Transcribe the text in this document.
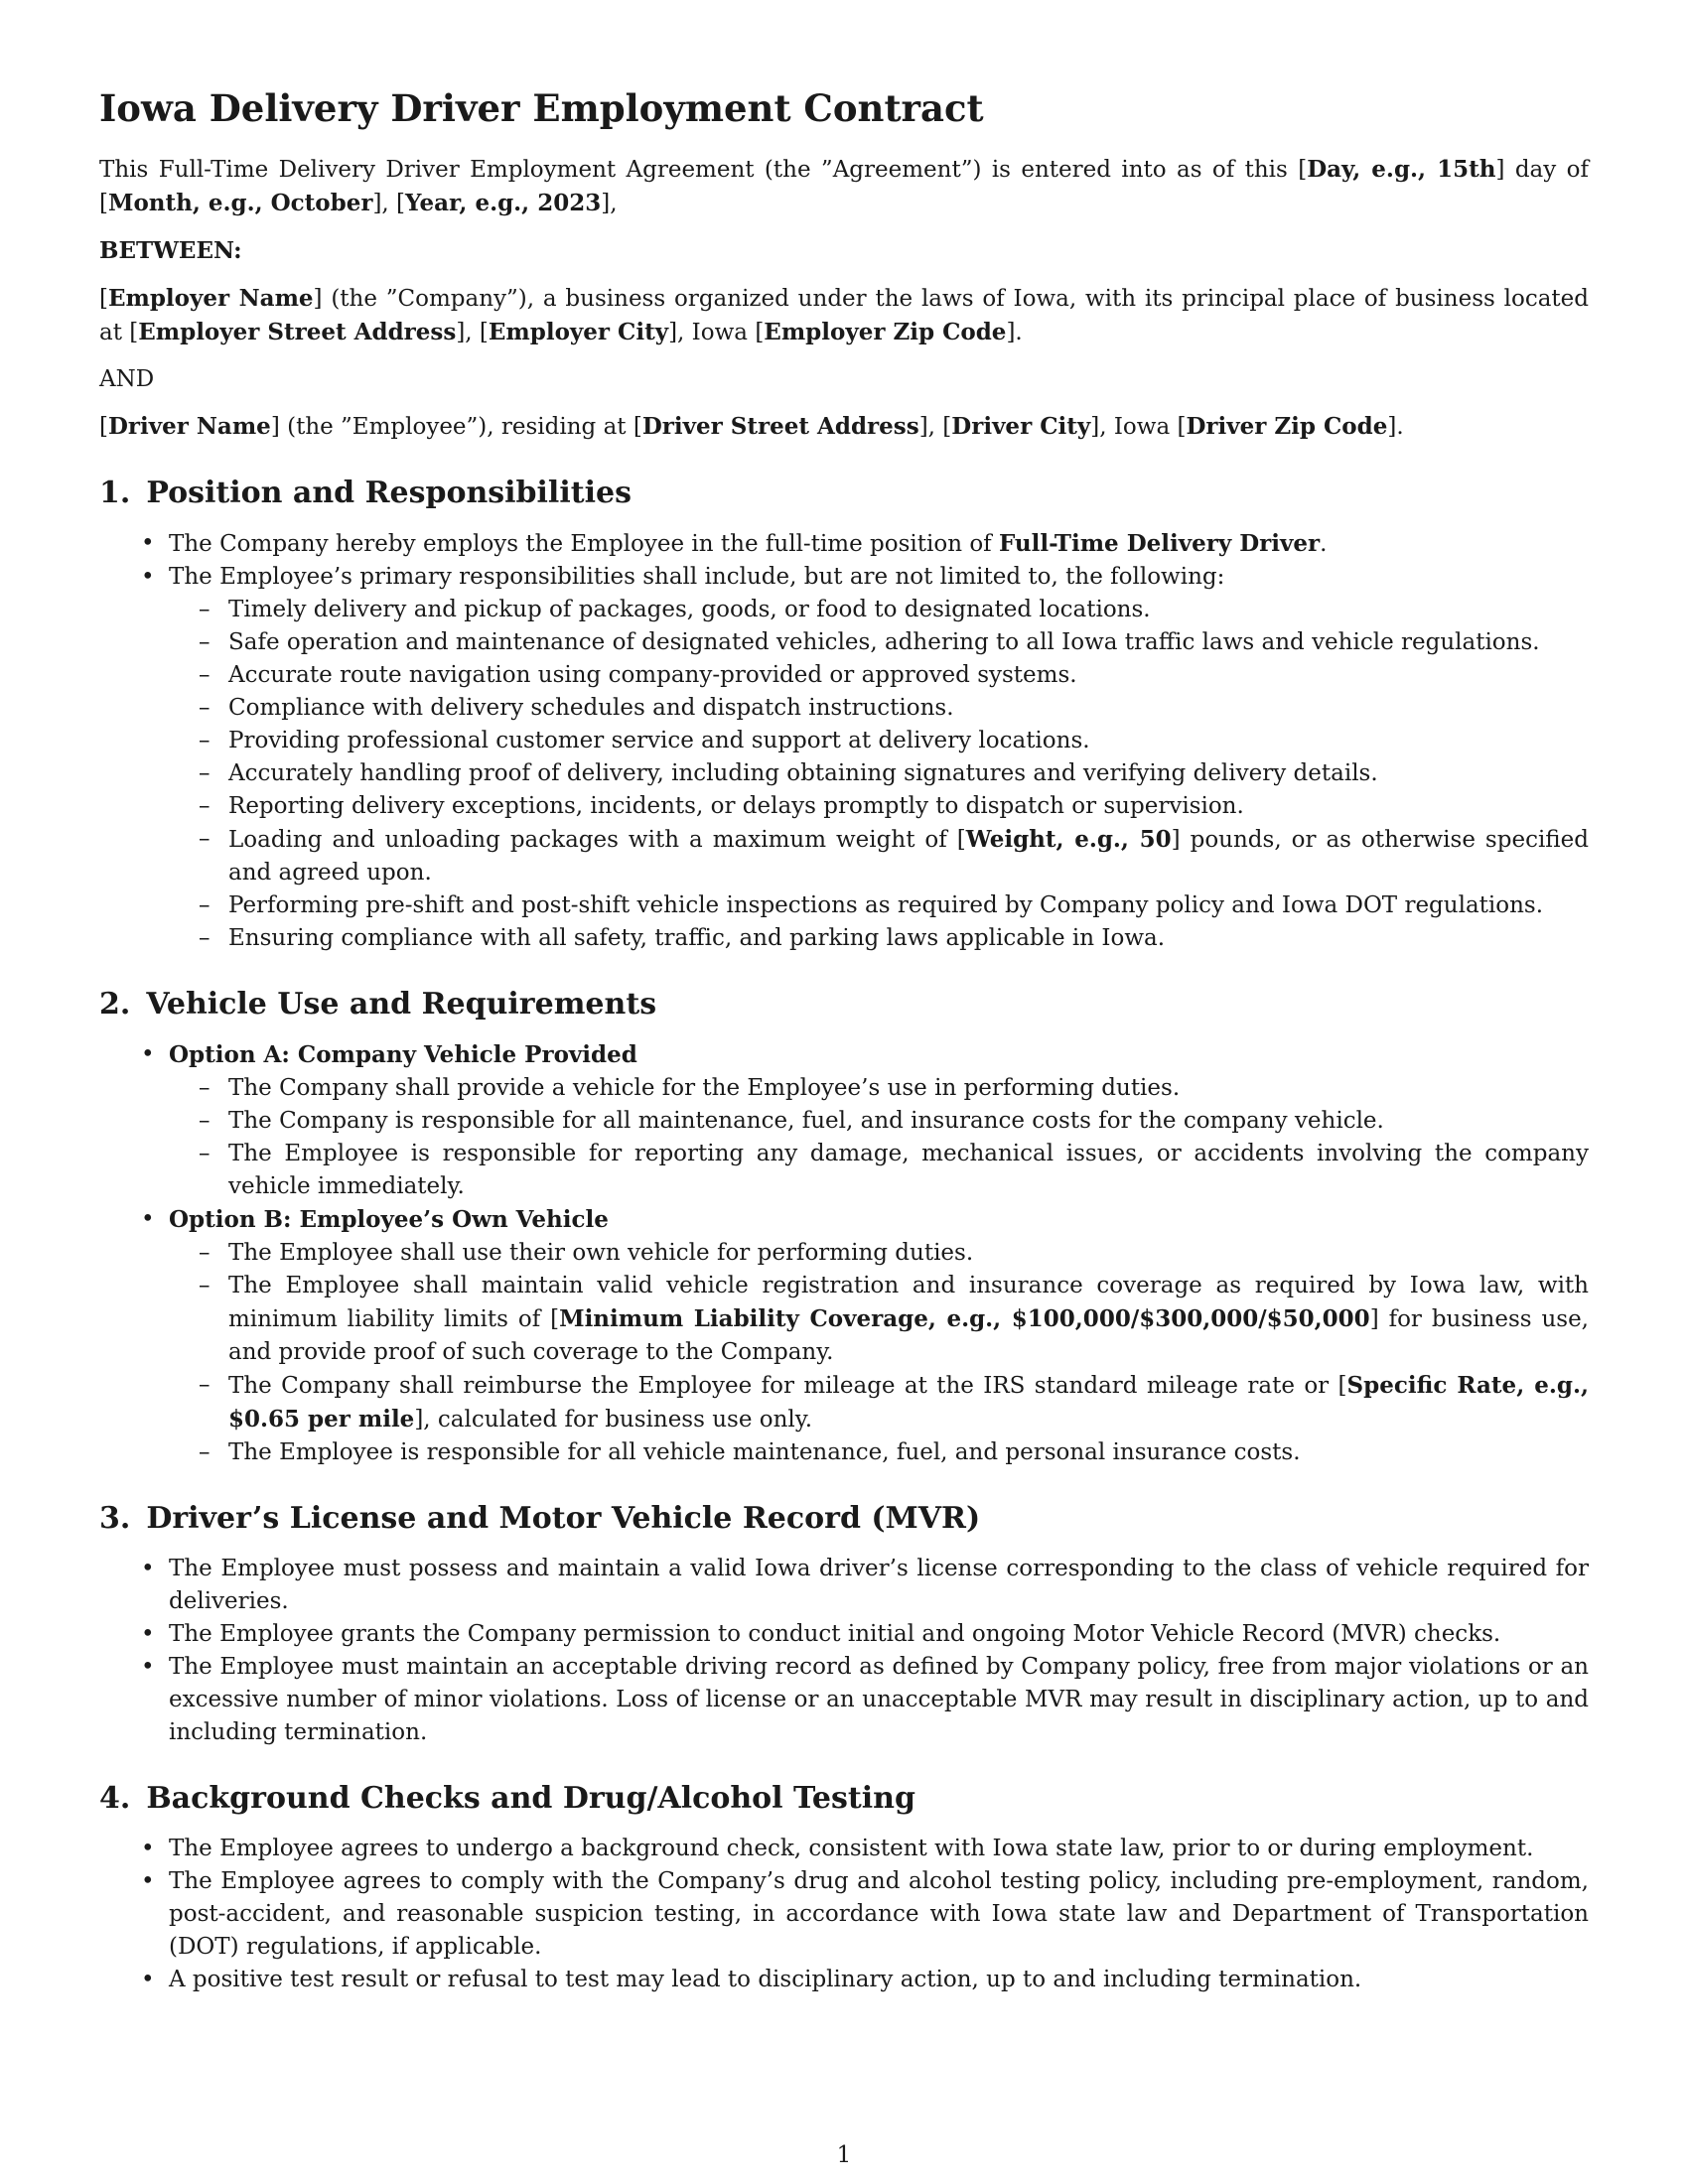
Iowa Delivery Driver Employment Contract

This Full-Time Delivery Driver Employment Agreement (the ”Agreement”) is entered into as of this [Day, e.g., 15th] day of [Month, e.g., October], [Year, e.g., 2023],

BETWEEN:

[Employer Name] (the ”Company”), a business organized under the laws of Iowa, with its principal place of business located at [Employer Street Address], [Employer City], Iowa [Employer Zip Code].

AND

[Driver Name] (the ”Employee”), residing at [Driver Street Address], [Driver City], Iowa [Driver Zip Code].

1. Position and Responsibilities
• The Company hereby employs the Employee in the full-time position of Full-Time Delivery Driver.
• The Employee’s primary responsibilities shall include, but are not limited to, the following:
– Timely delivery and pickup of packages, goods, or food to designated locations.
– Safe operation and maintenance of designated vehicles, adhering to all Iowa traffic laws and vehicle regulations.
– Accurate route navigation using company-provided or approved systems.
– Compliance with delivery schedules and dispatch instructions.
– Providing professional customer service and support at delivery locations.
– Accurately handling proof of delivery, including obtaining signatures and verifying delivery details.
– Reporting delivery exceptions, incidents, or delays promptly to dispatch or supervision.
– Loading and unloading packages with a maximum weight of [Weight, e.g., 50] pounds, or as otherwise specified and agreed upon.
– Performing pre-shift and post-shift vehicle inspections as required by Company policy and Iowa DOT regulations.
– Ensuring compliance with all safety, traffic, and parking laws applicable in Iowa.
2. Vehicle Use and Requirements
• Option A: Company Vehicle Provided
– The Company shall provide a vehicle for the Employee’s use in performing duties.
– The Company is responsible for all maintenance, fuel, and insurance costs for the company vehicle.
– The Employee is responsible for reporting any damage, mechanical issues, or accidents involving the company vehicle immediately.
• Option B: Employee’s Own Vehicle
– The Employee shall use their own vehicle for performing duties.
– The Employee shall maintain valid vehicle registration and insurance coverage as required by Iowa law, with minimum liability limits of [Minimum Liability Coverage, e.g., $100,000/$300,000/$50,000] for business use, and provide proof of such coverage to the Company.
– The Company shall reimburse the Employee for mileage at the IRS standard mileage rate or [Specific Rate, e.g., $0.65 per mile], calculated for business use only.
– The Employee is responsible for all vehicle maintenance, fuel, and personal insurance costs.
3. Driver’s License and Motor Vehicle Record (MVR)
• The Employee must possess and maintain a valid Iowa driver’s license corresponding to the class of vehicle required for deliveries.
• The Employee grants the Company permission to conduct initial and ongoing Motor Vehicle Record (MVR) checks.
• The Employee must maintain an acceptable driving record as defined by Company policy, free from major violations or an excessive number of minor violations. Loss of license or an unacceptable MVR may result in disciplinary action, up to and including termination.
4. Background Checks and Drug/Alcohol Testing
• The Employee agrees to undergo a background check, consistent with Iowa state law, prior to or during employment.
• The Employee agrees to comply with the Company’s drug and alcohol testing policy, including pre-employment, random, post-accident, and reasonable suspicion testing, in accordance with Iowa state law and Department of Transportation (DOT) regulations, if applicable.
• A positive test result or refusal to test may lead to disciplinary action, up to and including termination.
1
